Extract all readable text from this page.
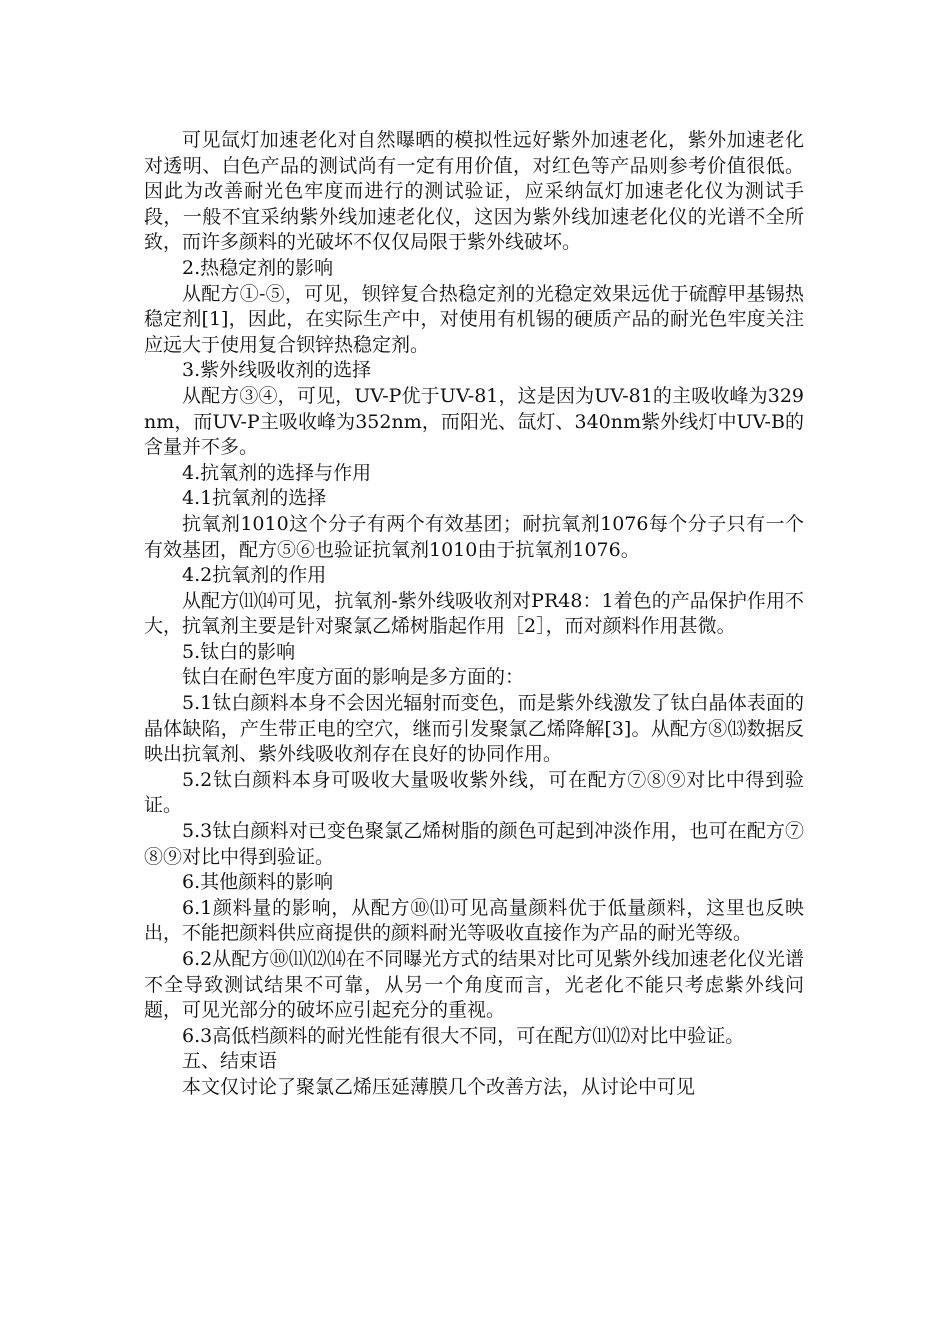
可见氙灯加速老化对自然曝晒的模拟性远好紫外加速老化，紫外加速老化对透明、白色产品的测试尚有一定有用价值，对红色等产品则参考价值很低。因此为改善耐光色牢度而进行的测试验证，应采纳氙灯加速老化仪为测试手段，一般不宜采纳紫外线加速老化仪，这因为紫外线加速老化仪的光谱不全所致，而许多颜料的光破坏不仅仅局限于紫外线破坏。

2.热稳定剂的影响

从配方①-⑤，可见，钡锌复合热稳定剂的光稳定效果远优于硫醇甲基锡热稳定剂[1]，因此，在实际生产中，对使用有机锡的硬质产品的耐光色牢度关注应远大于使用复合钡锌热稳定剂。

3.紫外线吸收剂的选择

从配方③④，可见，UV-P优于UV-81，这是因为UV-81的主吸收峰为329nm，而UV-P主吸收峰为352nm，而阳光、氙灯、340nm紫外线灯中UV-B的含量并不多。

4.抗氧剂的选择与作用

4.1抗氧剂的选择

抗氧剂1010这个分子有两个有效基团；耐抗氧剂1076每个分子只有一个有效基团，配方⑤⑥也验证抗氧剂1010由于抗氧剂1076。

4.2抗氧剂的作用

从配方⑾⒁可见，抗氧剂-紫外线吸收剂对PR48：1着色的产品保护作用不大，抗氧剂主要是针对聚氯乙烯树脂起作用［2］，而对颜料作用甚微。

5.钛白的影响

钛白在耐色牢度方面的影响是多方面的：

5.1钛白颜料本身不会因光辐射而变色，而是紫外线激发了钛白晶体表面的晶体缺陷，产生带正电的空穴，继而引发聚氯乙烯降解[3]。从配方⑧⒀数据反映出抗氧剂、紫外线吸收剂存在良好的协同作用。

5.2钛白颜料本身可吸收大量吸收紫外线，可在配方⑦⑧⑨对比中得到验证。

5.3钛白颜料对已变色聚氯乙烯树脂的颜色可起到冲淡作用，也可在配方⑦⑧⑨对比中得到验证。

6.其他颜料的影响

6.1颜料量的影响，从配方⑩⑾可见高量颜料优于低量颜料，这里也反映出，不能把颜料供应商提供的颜料耐光等吸收直接作为产品的耐光等级。

6.2从配方⑩⑾⑿⒁在不同曝光方式的结果对比可见紫外线加速老化仪光谱不全导致测试结果不可靠，从另一个角度而言，光老化不能只考虑紫外线问题，可见光部分的破坏应引起充分的重视。

6.3高低档颜料的耐光性能有很大不同，可在配方⑾⑿对比中验证。

五、结束语

本文仅讨论了聚氯乙烯压延薄膜几个改善方法，从讨论中可见
